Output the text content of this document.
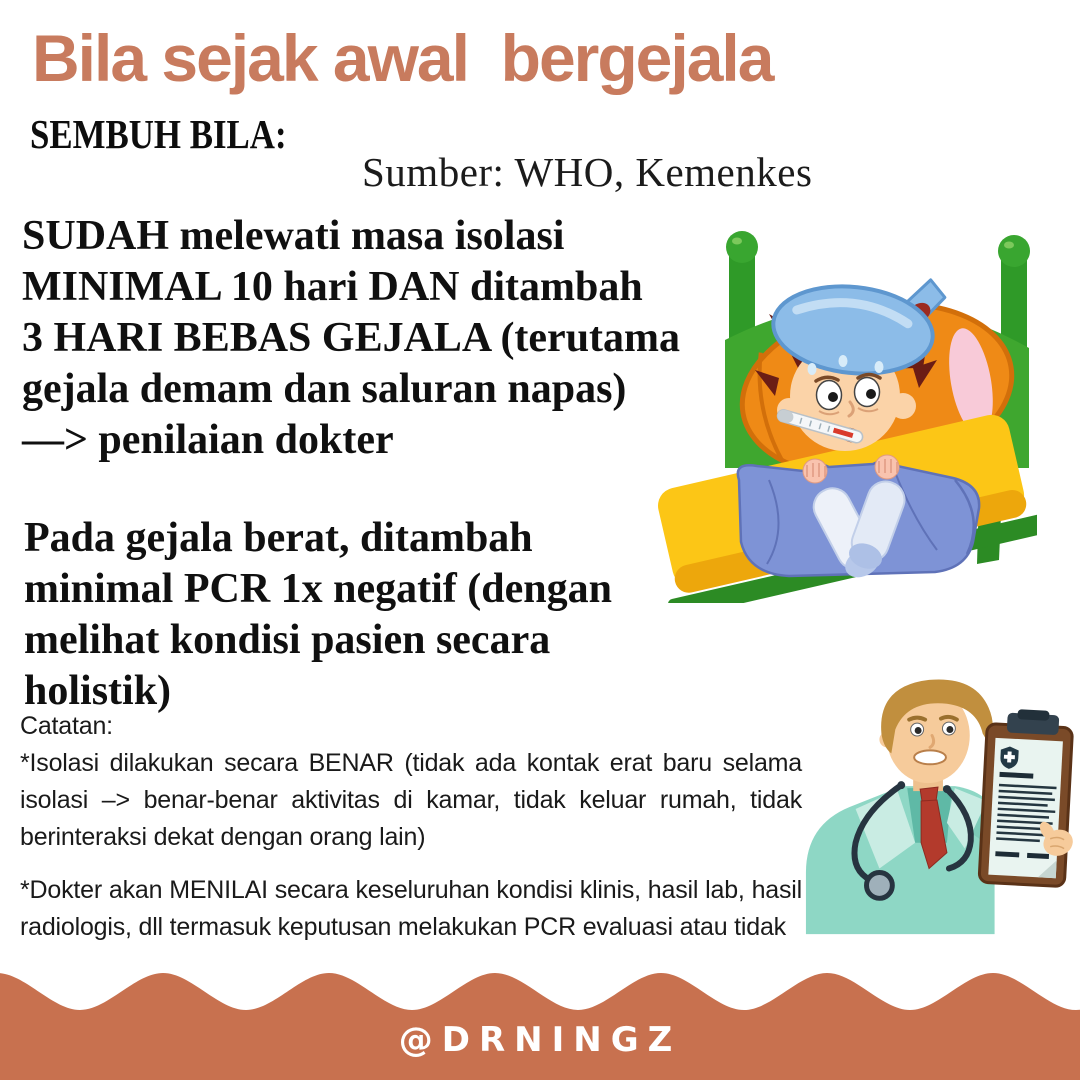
Bila sejak awal  bergejala
SEMBUH BILA:
Sumber: WHO, Kemenkes
SUDAH melewati masa isolasi
MINIMAL 10 hari DAN ditambah
3 HARI BEBAS GEJALA (terutama
gejala demam dan saluran napas)
—> penilaian dokter
Pada gejala berat, ditambah
minimal PCR 1x negatif (dengan
melihat kondisi pasien secara
holistik)
Catatan:
*Isolasi dilakukan secara BENAR (tidak ada kontak erat baru selama
isolasi –> benar-benar aktivitas di kamar, tidak keluar rumah, tidak
berinteraksi dekat dengan orang lain)
*Dokter akan MENILAI secara keseluruhan kondisi klinis, hasil lab, hasil
radiologis, dll termasuk keputusan melakukan PCR evaluasi atau tidak
@DRNINGZ
